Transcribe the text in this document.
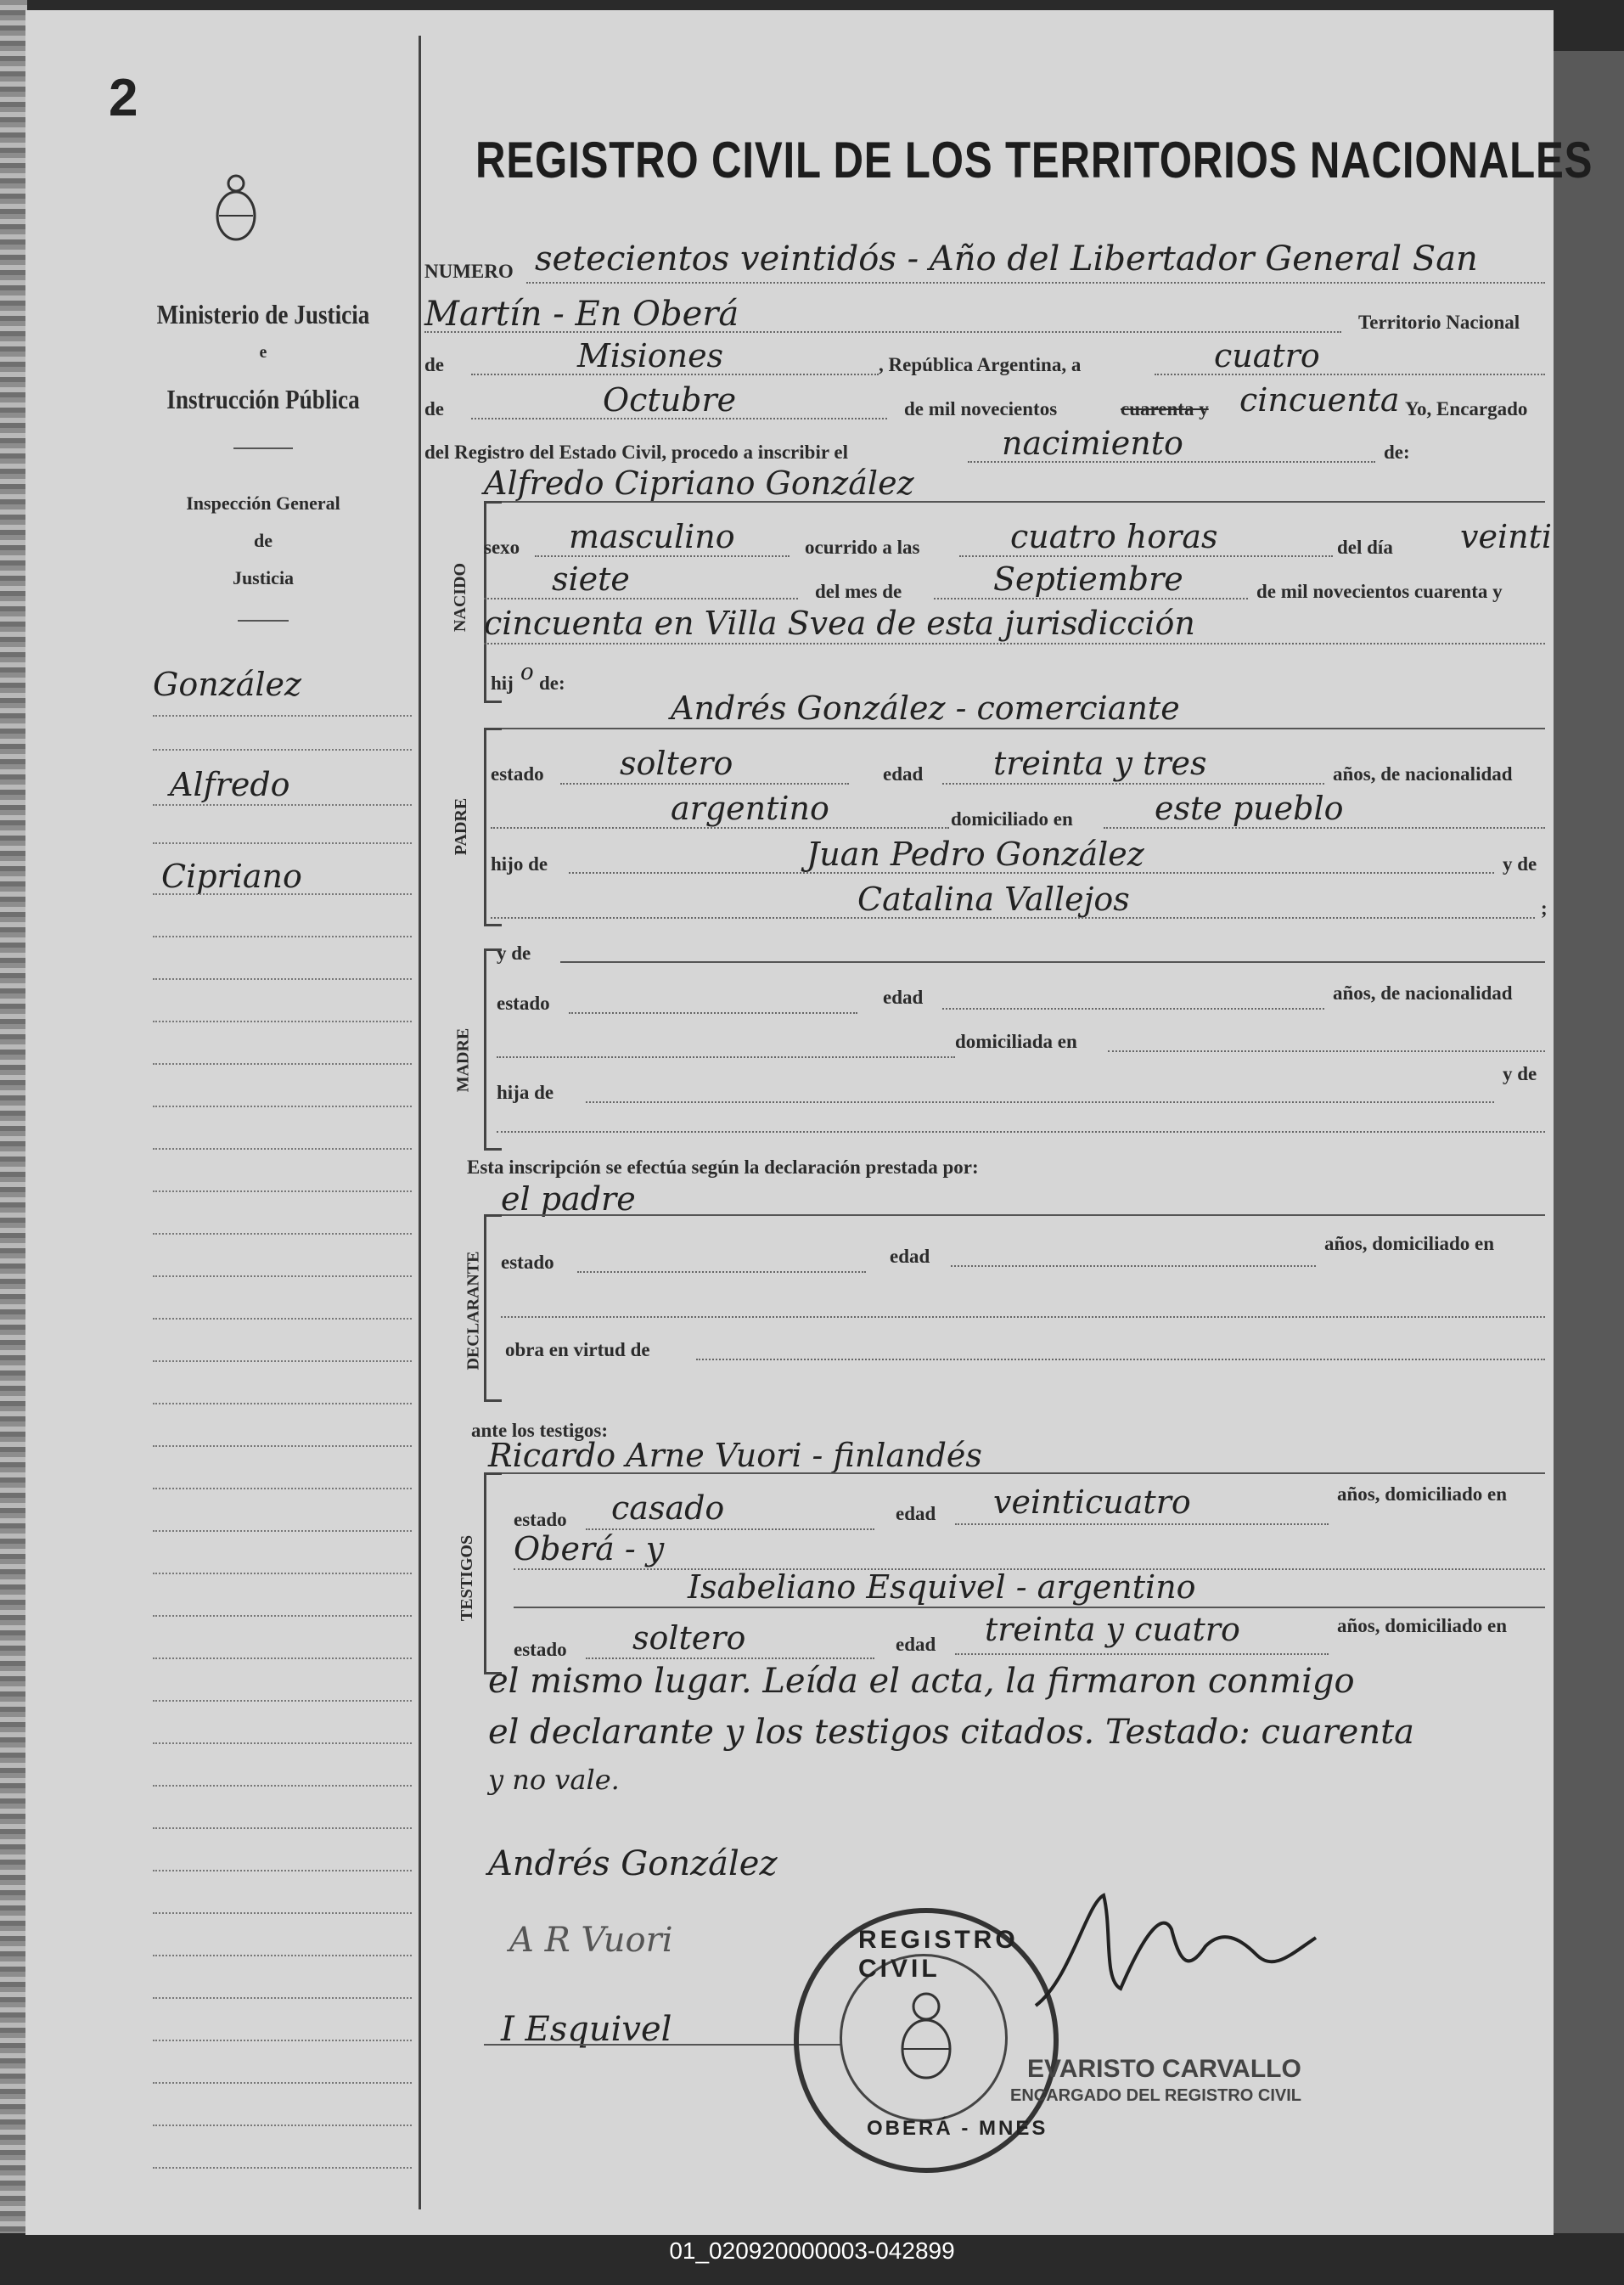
2
Ministerio de Justicia
e
Instrucción Pública
Inspección General
de
Justicia
González
Alfredo
Cipriano
REGISTRO CIVIL DE LOS TERRITORIOS NACIONALES
NUMERO setecientos veintidós - Año del Libertador General San
Martín - En Oberá	Territorio Nacional
de	Misiones	, República Argentina, a	cuatro
de	Octubre	de mil novecientos	cuarenta y cincuenta Yo, Encargado
del Registro del Estado Civil, procedo a inscribir el	nacimiento	de:
Alfredo Cipriano González
NACIDO
sexo masculino	ocurrido a las	cuatro horas	del día veinti
siete	del mes de	Septiembre	de mil novecientos cuarenta y
cincuenta en Villa Svea de esta jurisdicción
hij o de:
Andrés González - comerciante
PADRE
estado soltero	edad treinta y tres	años, de nacionalidad
argentino	domiciliado en	este pueblo
hijo de	Juan Pedro González	y de
Catalina Vallejos	;
y de
MADRE
estado	edad	años, de nacionalidad
domiciliada en
hija de
y de
Esta inscripción se efectúa según la declaración prestada por:
el padre
DECLARANTE estado	edad
años, domiciliado en
obra en virtud de
ante los testigos:
Ricardo Arne Vuori - finlandés
TESTIGOS
estado casado	edad veinticuatro	años, domiciliado en
Oberá - y
Isabeliano Esquivel - argentino
estado soltero	edad treinta y cuatro	años, domiciliado en
el mismo lugar. Leída el acta, la firmaron conmigo
el declarante y los testigos citados. Testado: cuarenta
y no vale.
Andrés González
A R Vuori
I Esquivel
REGISTRO CIVIL
OBERÁ - MNES
EVARISTO CARVALLO
ENCARGADO DEL REGISTRO CIVIL
01_020920000003-042899
